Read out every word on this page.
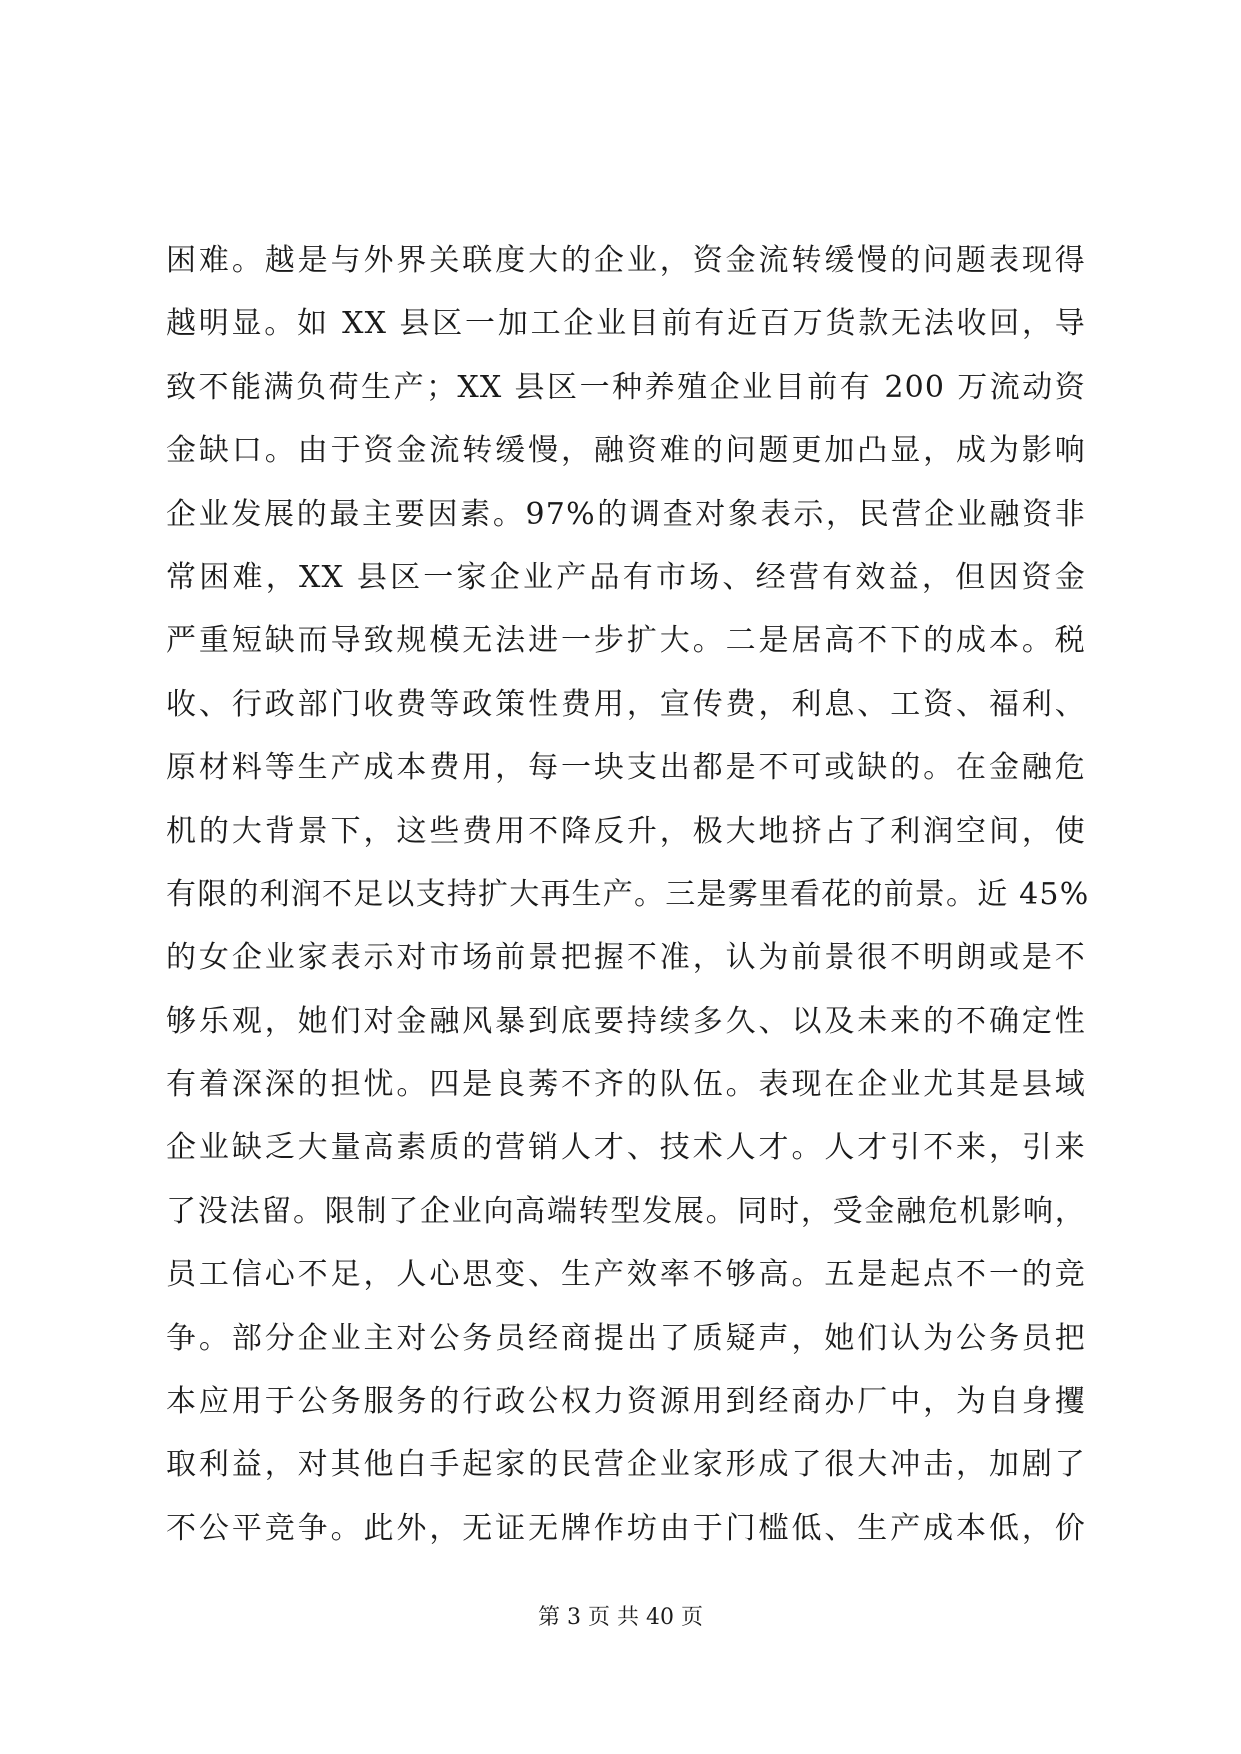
困难。越是与外界关联度大的企业，资金流转缓慢的问题表现得
越明显。如 XX 县区一加工企业目前有近百万货款无法收回，导
致不能满负荷生产；XX 县区一种养殖企业目前有 200 万流动资
金缺口。由于资金流转缓慢，融资难的问题更加凸显，成为影响
企业发展的最主要因素。97%的调查对象表示，民营企业融资非
常困难，XX 县区一家企业产品有市场、经营有效益，但因资金
严重短缺而导致规模无法进一步扩大。二是居高不下的成本。税
收、行政部门收费等政策性费用，宣传费，利息、工资、福利、
原材料等生产成本费用，每一块支出都是不可或缺的。在金融危
机的大背景下，这些费用不降反升，极大地挤占了利润空间，使
有限的利润不足以支持扩大再生产。三是雾里看花的前景。近 45%
的女企业家表示对市场前景把握不准，认为前景很不明朗或是不
够乐观，她们对金融风暴到底要持续多久、以及未来的不确定性
有着深深的担忧。四是良莠不齐的队伍。表现在企业尤其是县域
企业缺乏大量高素质的营销人才、技术人才。人才引不来，引来
了没法留。限制了企业向高端转型发展。同时，受金融危机影响，
员工信心不足，人心思变、生产效率不够高。五是起点不一的竞
争。部分企业主对公务员经商提出了质疑声，她们认为公务员把
本应用于公务服务的行政公权力资源用到经商办厂中，为自身攫
取利益，对其他白手起家的民营企业家形成了很大冲击，加剧了
不公平竞争。此外，无证无牌作坊由于门槛低、生产成本低，价
第 3 页 共 40 页
